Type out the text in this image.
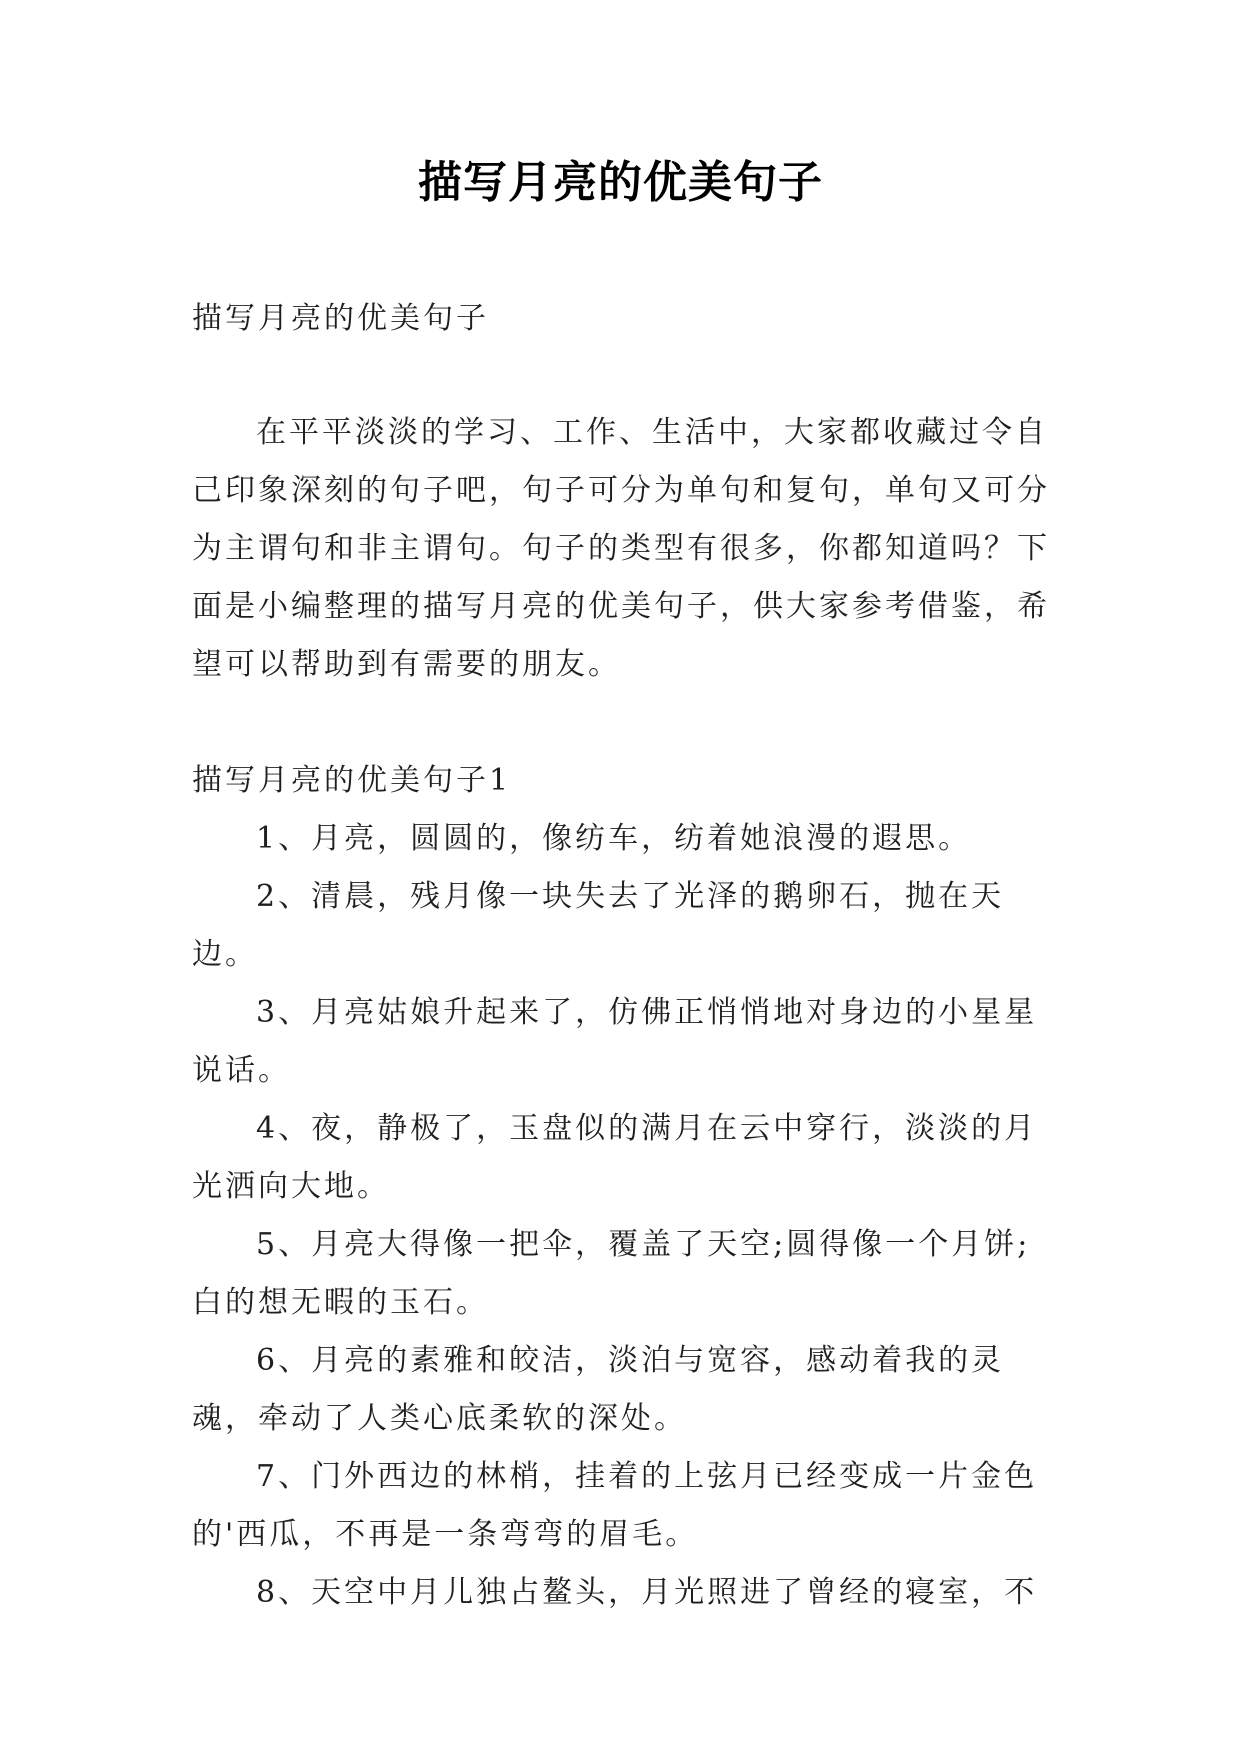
描写月亮的优美句子
描写月亮的优美句子
在平平淡淡的学习、工作、生活中，大家都收藏过令自己印象深刻的句子吧，句子可分为单句和复句，单句又可分为主谓句和非主谓句。句子的类型有很多，你都知道吗？下面是小编整理的描写月亮的优美句子，供大家参考借鉴，希望可以帮助到有需要的朋友。
描写月亮的优美句子1

1、月亮，圆圆的，像纺车，纺着她浪漫的遐思。

2、清晨，残月像一块失去了光泽的鹅卵石，抛在天边。

3、月亮姑娘升起来了，仿佛正悄悄地对身边的小星星说话。

4、夜，静极了，玉盘似的满月在云中穿行，淡淡的月光洒向大地。

5、月亮大得像一把伞，覆盖了天空;圆得像一个月饼;白的想无暇的玉石。

6、月亮的素雅和皎洁，淡泊与宽容，感动着我的灵魂，牵动了人类心底柔软的深处。

7、门外西边的林梢，挂着的上弦月已经变成一片金色的'西瓜，不再是一条弯弯的眉毛。

8、天空中月儿独占鳌头，月光照进了曾经的寝室，不
